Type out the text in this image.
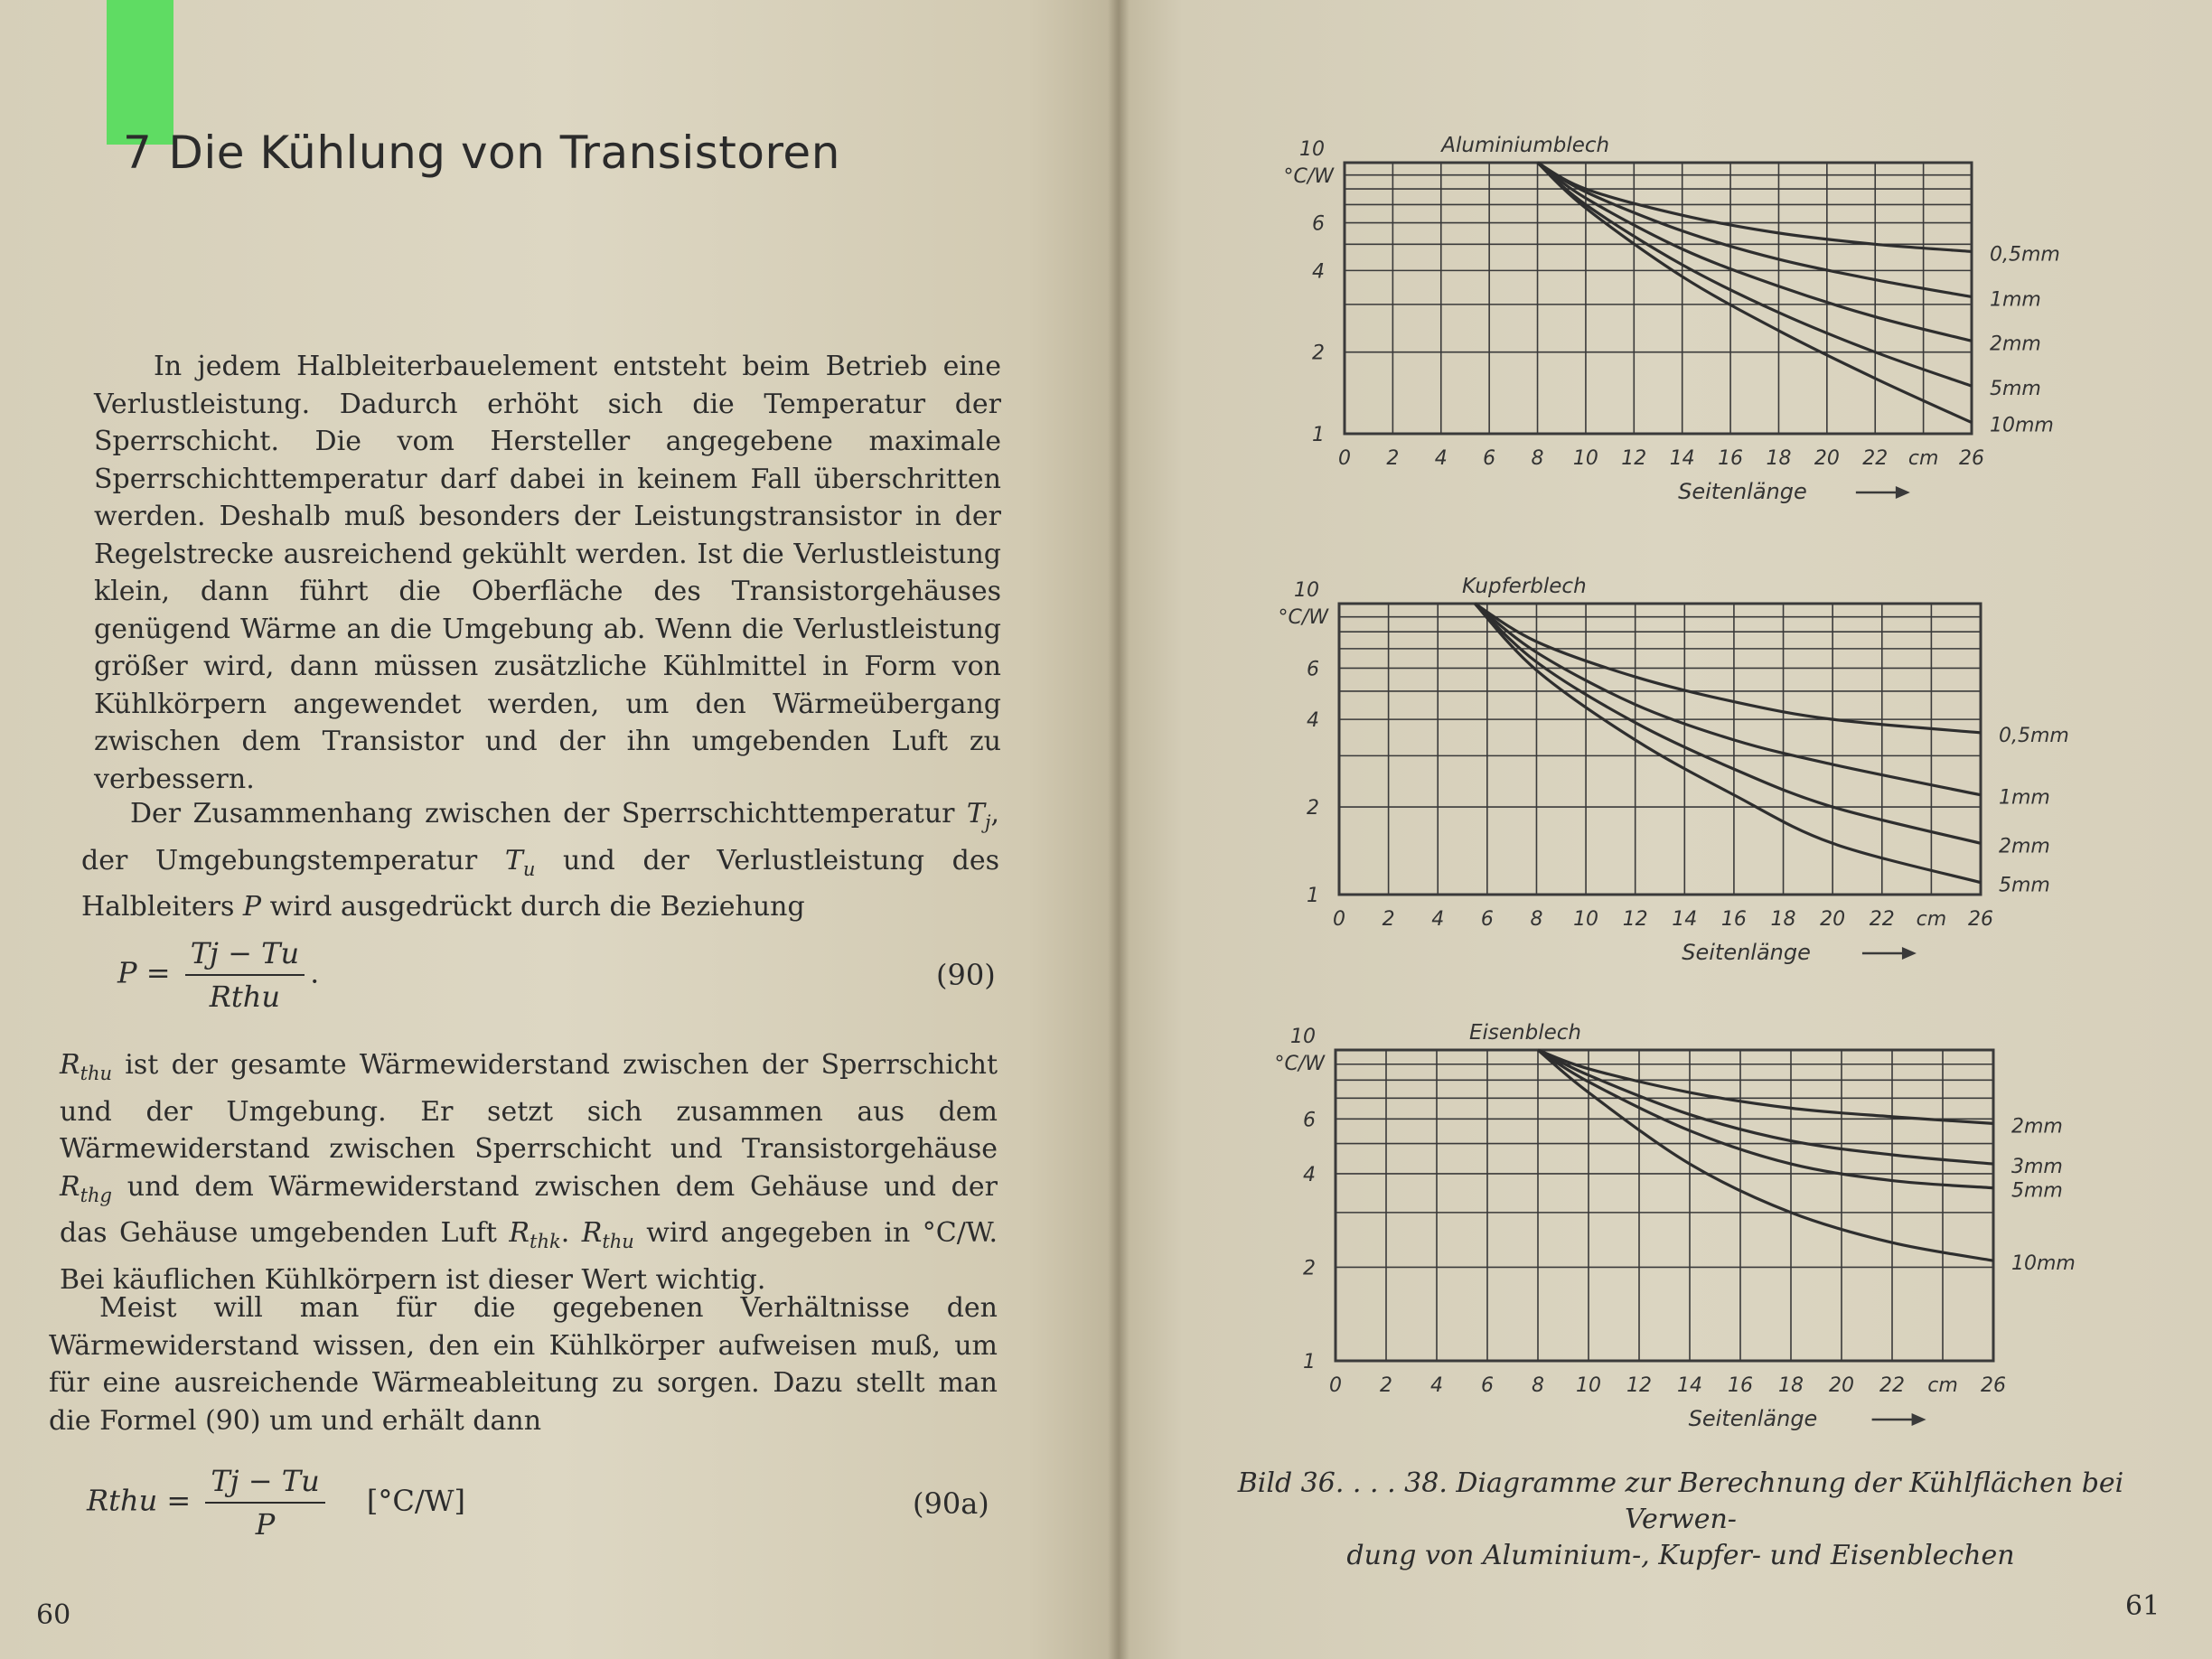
7 Die Kühlung von Transistoren

In jedem Halbleiterbauelement entsteht beim Betrieb eine Verlustleistung. Dadurch erhöht sich die Temperatur der Sperrschicht. Die vom Hersteller angegebene maximale Sperrschichttemperatur darf dabei in keinem Fall überschritten werden. Deshalb muß besonders der Leistungstransistor in der Regelstrecke ausreichend gekühlt werden. Ist die Verlustleistung klein, dann führt die Oberfläche des Transistorgehäuses genügend Wärme an die Umgebung ab. Wenn die Verlustleistung größer wird, dann müssen zusätzliche Kühlmittel in Form von Kühlkörpern angewendet werden, um den Wärmeübergang zwischen dem Transistor und der ihn umgebenden Luft zu verbessern.

Der Zusammenhang zwischen der Sperrschichttemperatur $T_j$, der Umgebungstemperatur $T_u$ und der Verlustleistung des Halbleiters P wird ausgedrückt durch die Beziehung

$P = \frac{Tj - Tu}{\text{Rthu}}$ .	(90)

$R_{thu}$ ist der gesamte Wärmewiderstand zwischen der Sperrschicht und der Umgebung. Er setzt sich zusammen aus dem Wärmewiderstand zwischen Sperrschicht und Transistorgehäuse $R_{thg}$ und dem Wärmewiderstand zwischen dem Gehäuse und der das Gehäuse umgebenden Luft $R_{thk}$. $R_{thu}$ wird angegeben in °C/W. Bei käuflichen Kühlkörpern ist dieser Wert wichtig.

Meist will man für die gegebenen Verhältnisse den Wärmewiderstand wissen, den ein Kühlkörper aufweisen muß, um für eine ausreichende Wärmeableitung zu sorgen. Dazu stellt man die Formel (90) um und erhält dann

Rthu = $\frac{Tj - Tu}{P} [^\circ C/W]$	(90a)
60	61
Bild 36. . . . 38. Diagramme zur Berechnung der Kühlflächen bei Verwen-
dung von Aluminium-, Kupfer- und Eisenblechen
Aluminiumblech
1
2
4
6
10
°C/W
0 2 4 6 8 10 12 14 16 18 20 22	26
cm
Seitenlänge
0,5mm
1mm
2mm
5mm
10mm
Kupferblech
1
2
4
6
10
°C/W
0 2 4 6 8 10 12 14 16 18 20 22	26
cm
Seitenlänge
0,5mm
1mm
2mm
5mm
Eisenblech
1
2
4
6
10
°C/W
0 2 4 6 8 10 12 14 16 18 20 22	26
cm
Seitenlänge
2mm
3mm
5mm
10mm
